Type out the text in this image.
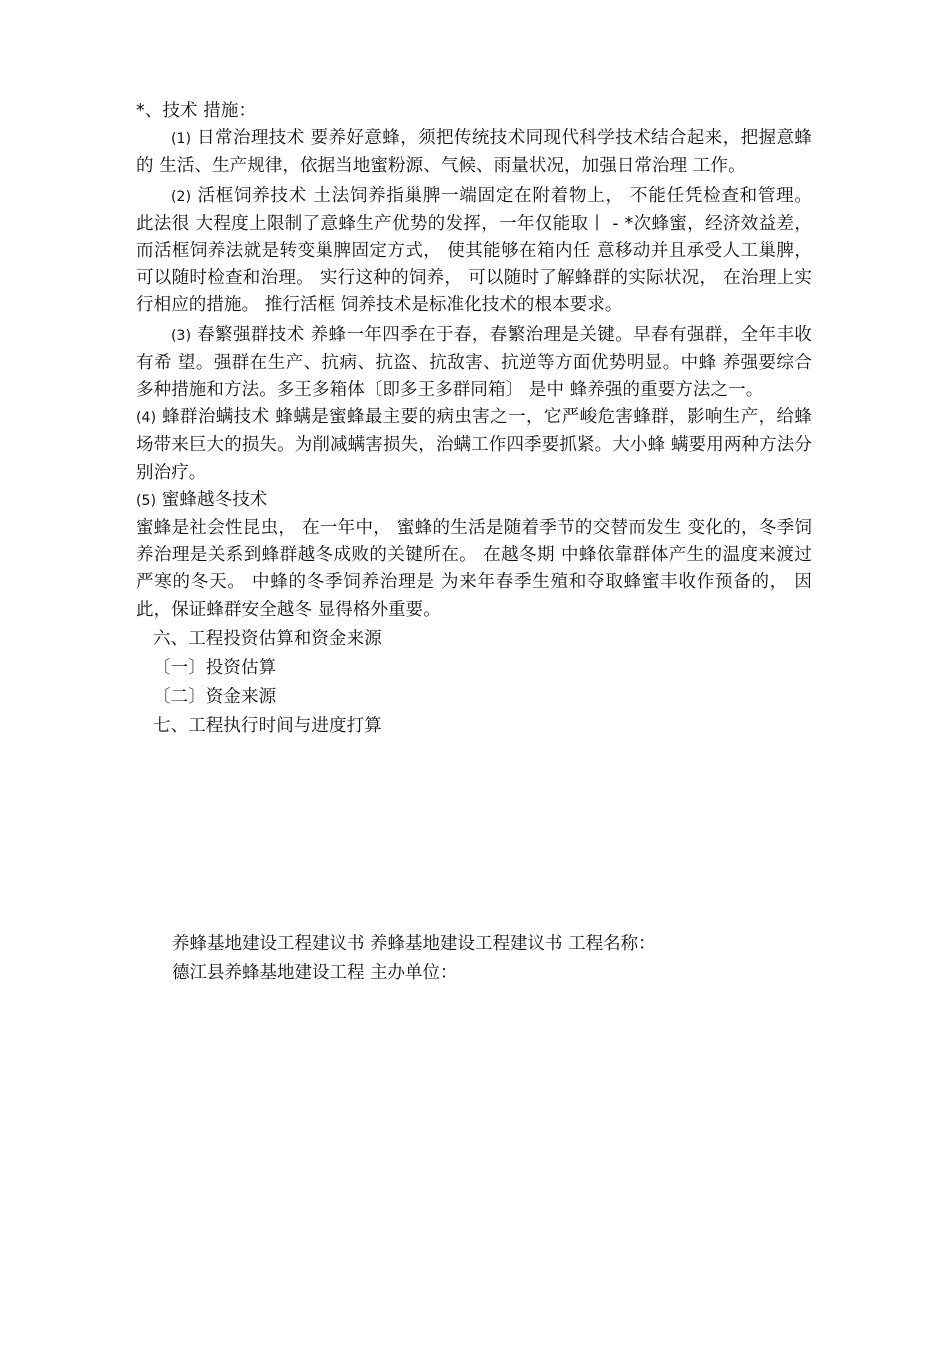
*、技术 措施：

(1) 日常治理技术 要养好意蜂，须把传统技术同现代科学技术结合起来，把握意蜂的 生活、生产规律，依据当地蜜粉源、气候、雨量状况，加强日常治理 工作。

(2) 活框饲养技术 土法饲养指巢脾一端固定在附着物上， 不能任凭检查和管理。 此法很 大程度上限制了意蜂生产优势的发挥，一年仅能取丨 - *次蜂蜜，经济效益差， 而活框饲养法就是转变巢脾固定方式， 使其能够在箱内任 意移动并且承受人工巢脾， 可以随时检查和治理。 实行这种的饲养， 可以随时了解蜂群的实际状况， 在治理上实行相应的措施。 推行活框 饲养技术是标准化技术的根本要求。

(3) 春繁强群技术 养蜂一年四季在于春，春繁治理是关键。早春有强群，全年丰收有希 望。强群在生产、抗病、抗盗、抗敌害、抗逆等方面优势明显。中蜂 养强要综合多种措施和方法。多王多箱体〔即多王多群同箱〕 是中 蜂养强的重要方法之一。

(4) 蜂群治螨技术 蜂螨是蜜蜂最主要的病虫害之一，它严峻危害蜂群，影响生产，给蜂 场带来巨大的损失。为削减螨害损失，治螨工作四季要抓紧。大小蜂 螨要用两种方法分别治疗。

(5) 蜜蜂越冬技术

蜜蜂是社会性昆虫， 在一年中， 蜜蜂的生活是随着季节的交替而发生 变化的，冬季饲养治理是关系到蜂群越冬成败的关键所在。 在越冬期 中蜂依靠群体产生的温度来渡过严寒的冬天。 中蜂的冬季饲养治理是 为来年春季生殖和夺取蜂蜜丰收作预备的， 因此，保证蜂群安全越冬 显得格外重要。

六、工程投资估算和资金来源

〔一〕投资估算

〔二〕资金来源

七、工程执行时间与进度打算

养蜂基地建设工程建议书 养蜂基地建设工程建议书 工程名称：

德江县养蜂基地建设工程 主办单位：
